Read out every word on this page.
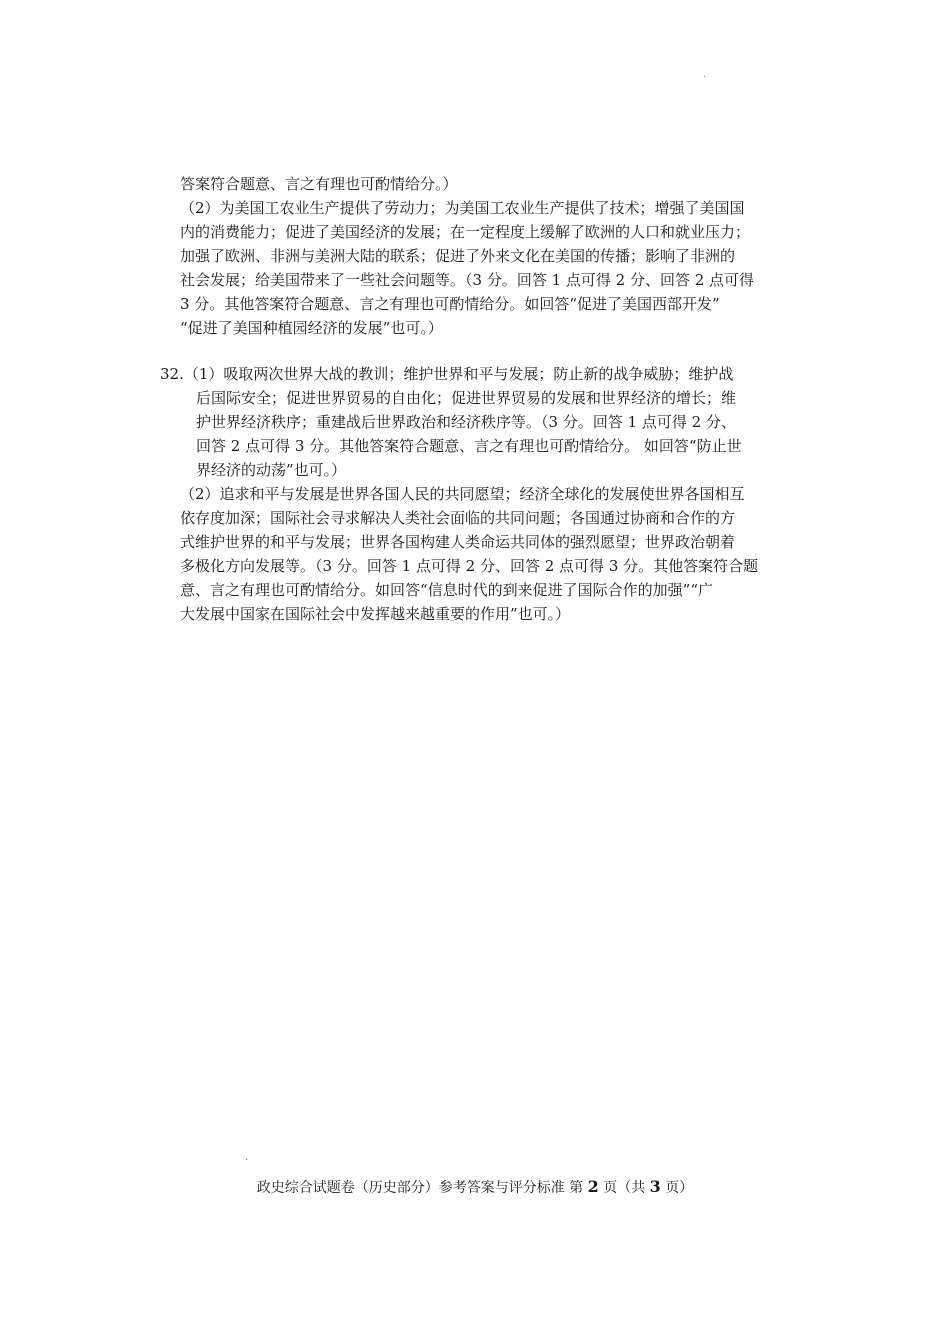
·
答案符合题意、言之有理也可酌情给分。）
（2）为美国工农业生产提供了劳动力；为美国工农业生产提供了技术；增强了美国国
内的消费能力；促进了美国经济的发展；在一定程度上缓解了欧洲的人口和就业压力；
加强了欧洲、非洲与美洲大陆的联系；促进了外来文化在美国的传播；影响了非洲的
社会发展；给美国带来了一些社会问题等。（3 分。回答 1 点可得 2 分、回答 2 点可得
3 分。其他答案符合题意、言之有理也可酌情给分。如回答“促进了美国西部开发”
“促进了美国种植园经济的发展”也可。）
32.（1）吸取两次世界大战的教训；维护世界和平与发展；防止新的战争威胁；维护战
后国际安全；促进世界贸易的自由化；促进世界贸易的发展和世界经济的增长；维
护世界经济秩序；重建战后世界政治和经济秩序等。（3 分。回答 1 点可得 2 分、
回答 2 点可得 3 分。其他答案符合题意、言之有理也可酌情给分。 如回答“防止世
界经济的动荡”也可。）
（2）追求和平与发展是世界各国人民的共同愿望；经济全球化的发展使世界各国相互
依存度加深；国际社会寻求解决人类社会面临的共同问题；各国通过协商和合作的方
式维护世界的和平与发展；世界各国构建人类命运共同体的强烈愿望；世界政治朝着
多极化方向发展等。（3 分。回答 1 点可得 2 分、回答 2 点可得 3 分。其他答案符合题
意、言之有理也可酌情给分。如回答“信息时代的到来促进了国际合作的加强”“广
大发展中国家在国际社会中发挥越来越重要的作用”也可。）
·
政史综合试题卷（历史部分）参考答案与评分标准 第 2 页（共 3 页）
